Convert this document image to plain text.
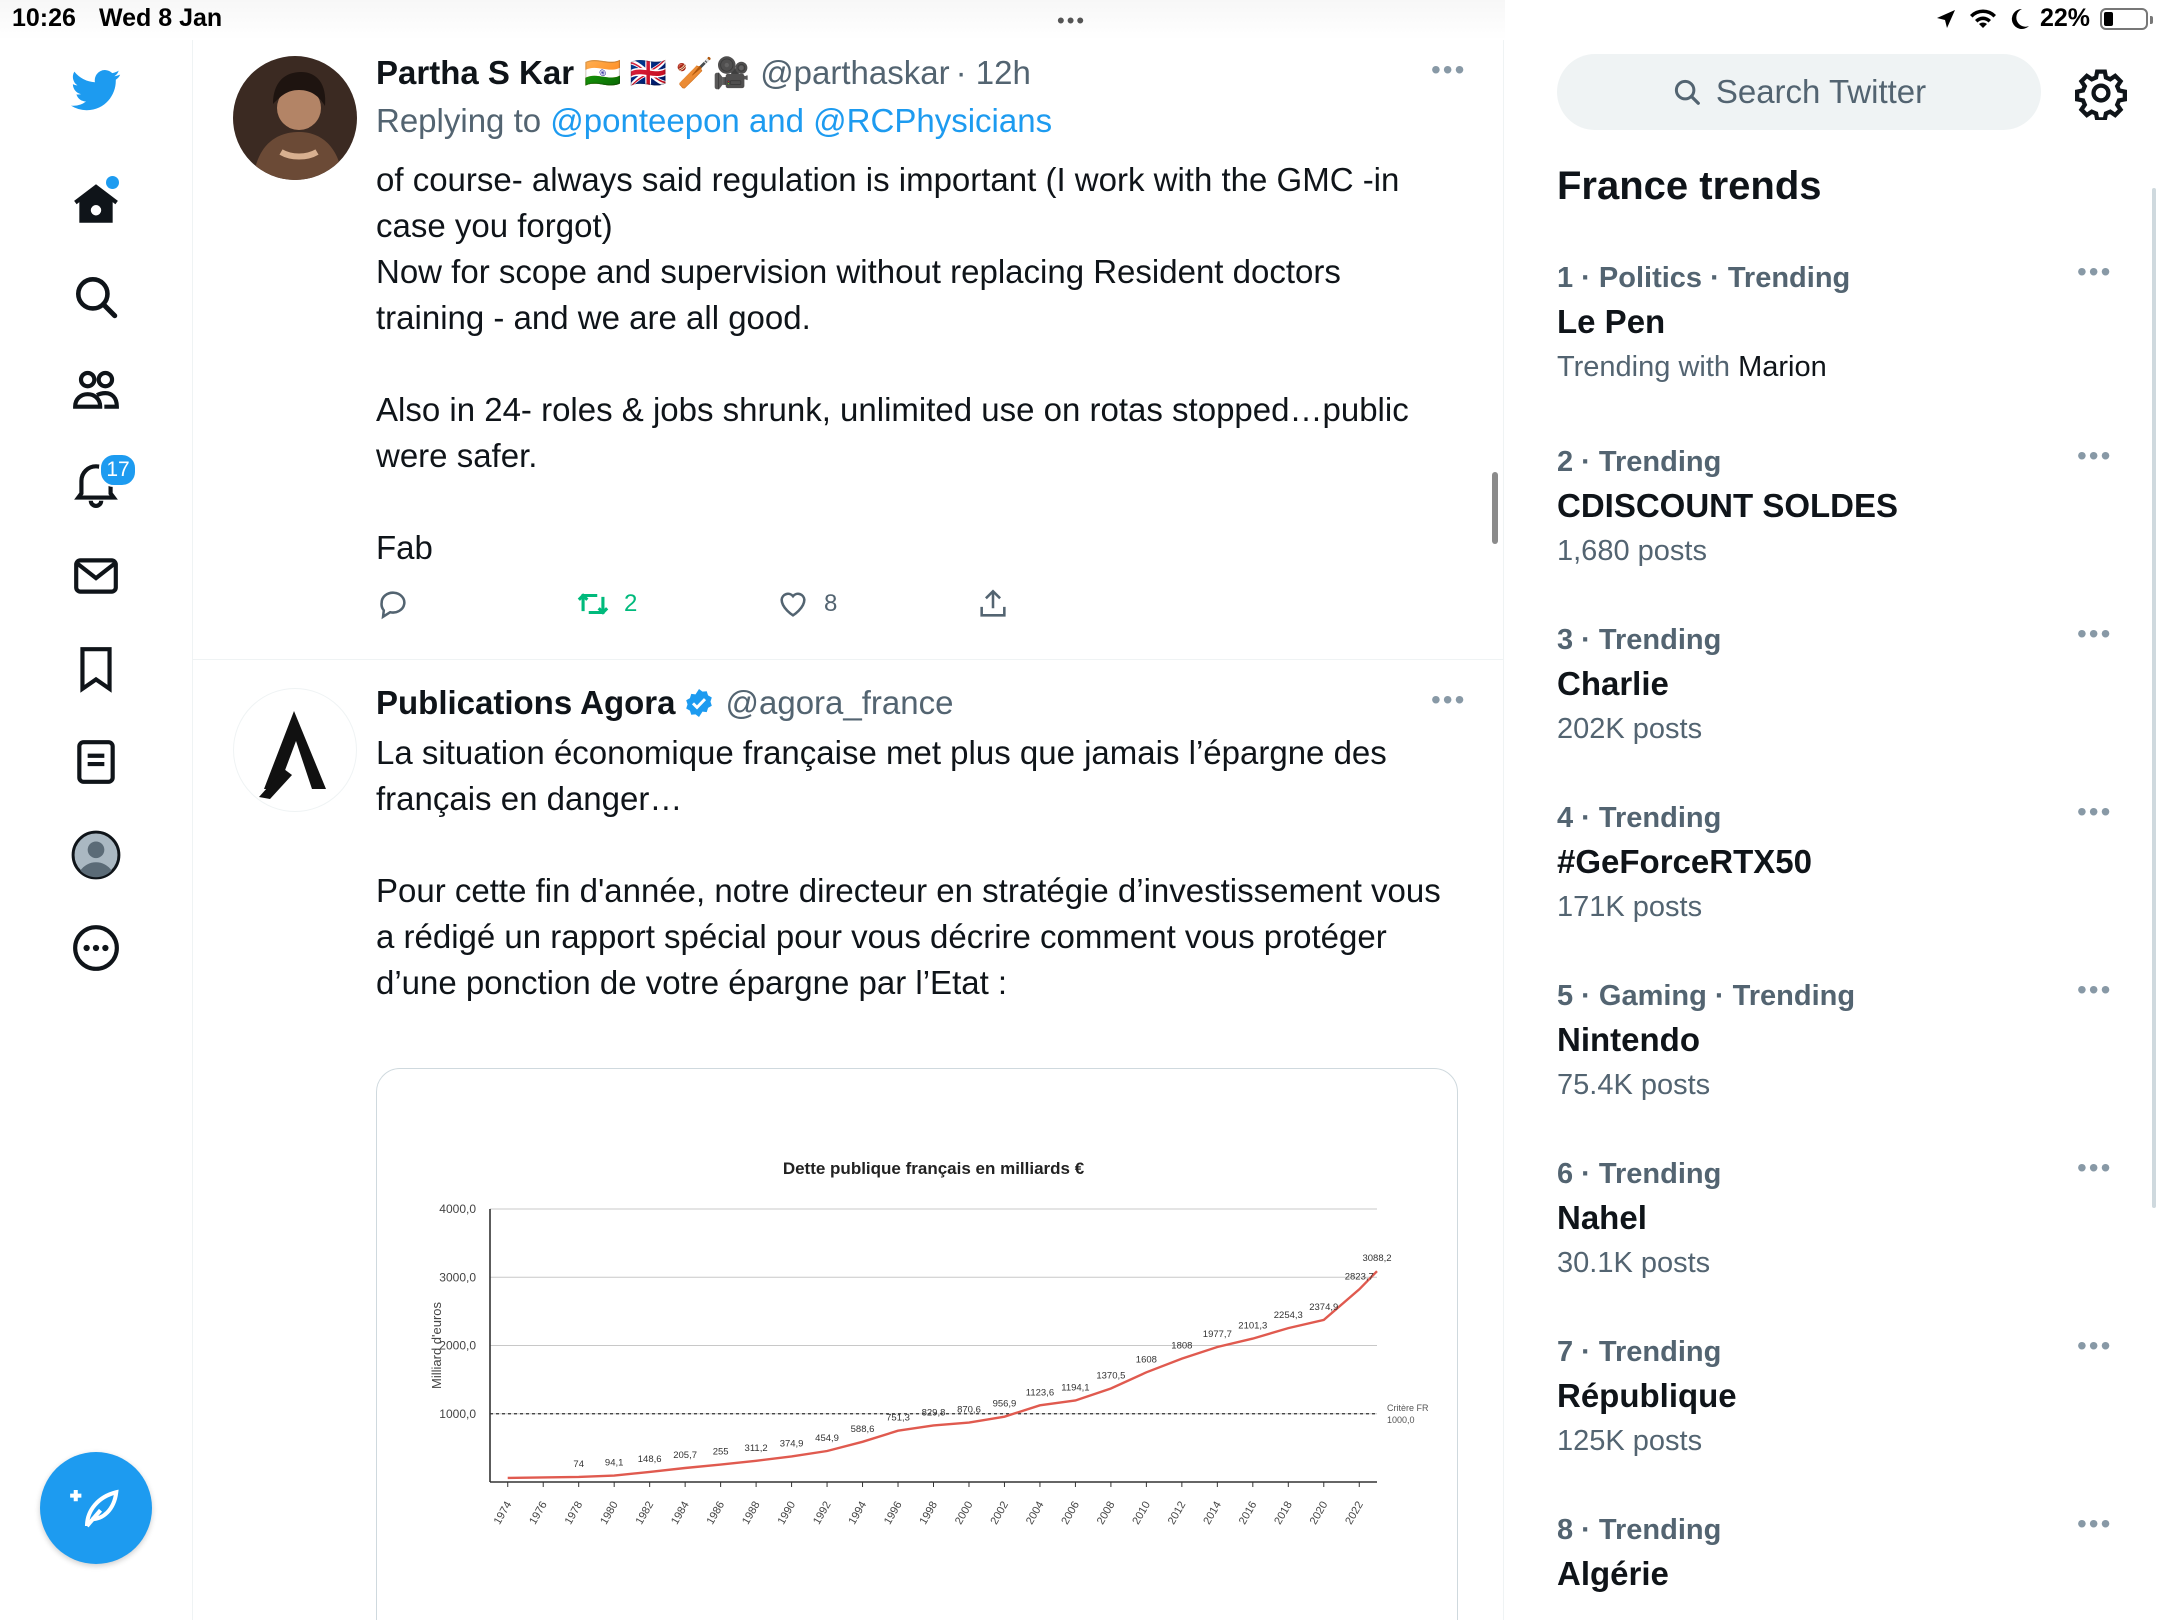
10:26 Wed 8 Jan	•••	22%
17
Partha S Kar 🇮🇳 🇬🇧 🏏🎥 @parthaskar · 12h	•••
Replying to @ponteepon and @RCPhysicians

of course- always said regulation is important (I work with the GMC -in case you forgot)

Now for scope and supervision without replacing Resident doctors training - and we are all good.

Also in 24- roles & jobs shrunk, unlimited use on rotas stopped…public were safer.

Fab

2	8
Publications Agora @agora_france	•••

La situation économique française met plus que jamais l’épargne des français en danger…

Pour cette fin d'année, notre directeur en stratégie d’investissement vous a rédigé un rapport spécial pour vous décrire comment vous protéger d’une ponction de votre épargne par l’Etat :

Dette publique français en milliards €
1000,0
2000,0
3000,0
4000,0
Critère FR
1000,0
Milliard d'euros
1974 1976 1978 1980 1982 1984 1986 1988 1990 1992 1994 1996 1998 2000 2002 2004 2006 2008 2010 2012 2014 2016 2018 2020 2022
74 94,1 148,6 205,7 255 311,2 374,9 454,9
588,6
751,3 829,8 870,6
956,9
1123,6 1194,1
1370,5
1608
1808
1977,7
2101,3
2254,3
2374,9
2823,7
3088,2
Search Twitter
France trends
1 · Politics · Trending
Le Pen
Trending with Marion
•••
2 · Trending
CDISCOUNT SOLDES
1,680 posts
•••
3 · Trending
Charlie
202K posts
•••
4 · Trending
#GeForceRTX50
171K posts
•••
5 · Gaming · Trending
Nintendo
75.4K posts
•••
6 · Trending
Nahel
30.1K posts
•••
7 · Trending
République
125K posts
•••
8 · Trending
Algérie
•••
